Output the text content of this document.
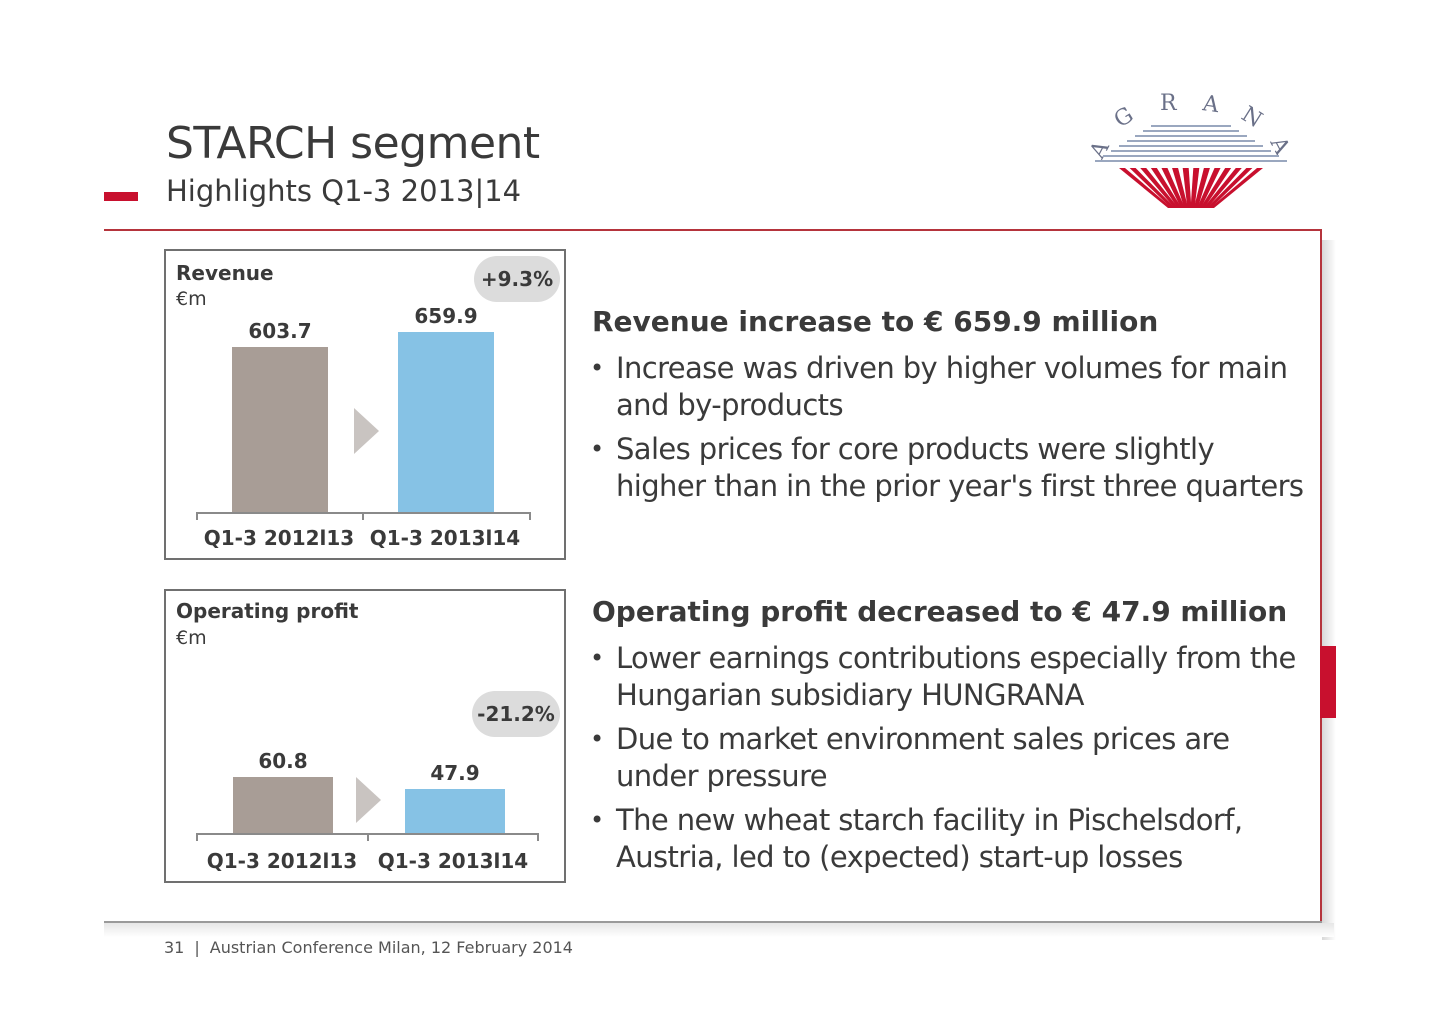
STARCH segment
Highlights Q1-3 2013|14
A
G R A N
A
Revenue
€m
+9.3%
603.7
659.9
Q1-3 2012l13 Q1-3 2013l14
Operating profit
€m
-21.2%
60.8	47.9
Q1-3 2012l13	Q1-3 2013l14
Revenue increase to € 659.9 million
• Increase was driven by higher volumes for main and by-products
• Sales prices for core products were slightly higher than in the prior year's first three quarters
Operating profit decreased to € 47.9 million
• Lower earnings contributions especially from the Hungarian subsidiary HUNGRANA
• Due to market environment sales prices are under pressure
• The new wheat starch facility in Pischelsdorf, Austria, led to (expected) start-up losses
31 | Austrian Conference Milan, 12 February 2014
